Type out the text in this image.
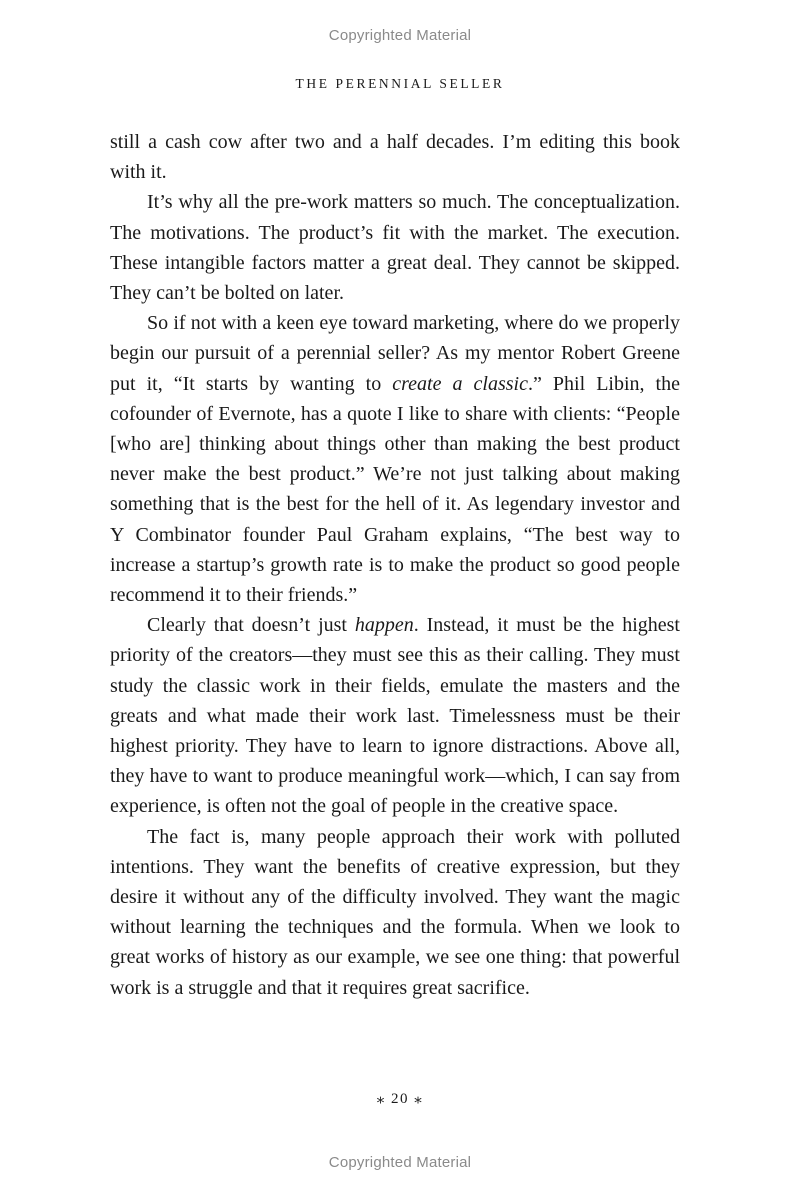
Copyrighted Material
THE PERENNIAL SELLER

still a cash cow after two and a half decades. I’m editing this book with it.

It’s why all the pre-work matters so much. The conceptualization. The motivations. The product’s fit with the market. The execution. These intangible factors matter a great deal. They cannot be skipped. They can’t be bolted on later.

So if not with a keen eye toward marketing, where do we properly begin our pursuit of a perennial seller? As my mentor Robert Greene put it, “It starts by wanting to create a classic.” Phil Libin, the cofounder of Evernote, has a quote I like to share with clients: “People [who are] thinking about things other than making the best product never make the best product.” We’re not just talking about making something that is the best for the hell of it. As legendary investor and Y Combinator founder Paul Graham explains, “The best way to increase a startup’s growth rate is to make the product so good people recommend it to their friends.”

Clearly that doesn’t just happen. Instead, it must be the highest priority of the creators—they must see this as their calling. They must study the classic work in their fields, emulate the masters and the greats and what made their work last. Timelessness must be their highest priority. They have to learn to ignore distractions. Above all, they have to want to produce meaningful work—which, I can say from experience, is often not the goal of people in the creative space.

The fact is, many people approach their work with polluted intentions. They want the benefits of creative expression, but they desire it without any of the difficulty involved. They want the magic without learning the techniques and the formula. When we look to great works of history as our example, we see one thing: that powerful work is a struggle and that it requires great sacrifice.

⁎ 20 ⁎
Copyrighted Material
